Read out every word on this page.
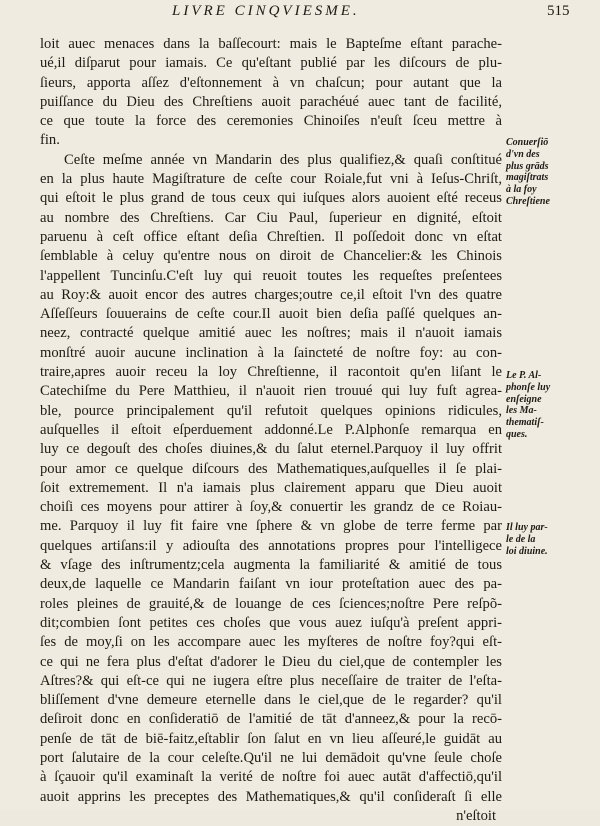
LIVRE CINQVIESME.	515
loit auec menaces dans la baſſecourt: mais le Bapteſme eſtant parache-
ué,il diſparut pour iamais. Ce qu'eſtant publié par les diſcours de plu-
ſieurs, apporta aſſez d'eſtonnement à vn chaſcun; pour autant que la
puiſſance du Dieu des Chreſtiens auoit parachéué auec tant de facilité,
ce que toute la force des ceremonies Chinoiſes n'euſt ſceu mettre à
fin.
Ceſte meſme année vn Mandarin des plus qualifiez,& quaſi conſtitué
en la plus haute Magiſtrature de ceſte cour Roiale,fut vni à Ieſus-Chriſt,
qui eſtoit le plus grand de tous ceux qui iuſques alors auoient eſté receus
au nombre des Chreſtiens. Car Ciu Paul, ſuperieur en dignité, eſtoit
paruenu à ceſt office eſtant deſia Chreſtien. Il poſſedoit donc vn eſtat
ſemblable à celuy qu'entre nous on diroit de Chancelier:& les Chinois
l'appellent Tuncinſu.C'eſt luy qui reuoit toutes les requeſtes preſentees
au Roy:& auoit encor des autres charges;outre ce,il eſtoit l'vn des quatre
Aſſeſſeurs ſouuerains de ceſte cour.Il auoit bien deſia paſſé quelques an-
neez, contracté quelque amitié auec les noſtres; mais il n'auoit iamais
monſtré auoir aucune inclination à la ſaincteté de noſtre foy: au con-
traire,apres auoir receu la loy Chreſtienne, il racontoit qu'en liſant le
Catechiſme du Pere Matthieu, il n'auoit rien trouué qui luy fuſt agrea-
ble, pource principalement qu'il refutoit quelques opinions ridicules,
auſquelles il eſtoit eſperduement addonné.Le P.Alphonſe remarqua en
luy ce degouſt des choſes diuines,& du ſalut eternel.Parquoy il luy offrit
pour amor ce quelque diſcours des Mathematiques,auſquelles il ſe plai-
ſoit extremement. Il n'a iamais plus clairement apparu que Dieu auoit
choiſi ces moyens pour attirer à ſoy,& conuertir les grandz de ce Roiau-
me. Parquoy il luy fit faire vne ſphere & vn globe de terre ferme par
quelques artiſans:il y adiouſta des annotations propres pour l'intelligece
& vſage des inſtrumentz;cela augmenta la familiarité & amitié de tous
deux,de laquelle ce Mandarin faiſant vn iour proteſtation auec des pa-
roles pleines de grauité,& de louange de ces ſciences;noſtre Pere reſpõ-
dit;combien ſont petites ces choſes que vous auez iuſqu'à preſent appri-
ſes de moy,ſi on les accompare auec les myſteres de noſtre foy?qui eſt-
ce qui ne fera plus d'eſtat d'adorer le Dieu du ciel,que de contempler les
Aſtres?& qui eſt-ce qui ne iugera eſtre plus neceſſaire de traiter de l'eſta-
bliſſement d'vne demeure eternelle dans le ciel,que de le regarder? qu'il
deſiroit donc en conſideratiō de l'amitié de tāt d'anneez,& pour la recō-
penſe de tāt de biē-faitz,eſtablir ſon ſalut en vn lieu aſſeuré,le guidāt au
port ſalutaire de la cour celeſte.Qu'il ne lui demādoit qu'vne ſeule choſe
à ſçauoir qu'il examinaſt la verité de noſtre foi auec autāt d'affectiō,qu'il
auoit apprins les preceptes des Mathematiques,& qu'il conſideraſt ſi elle
n'eſtoit
Conuerſiō
d'vn des
plus grāds
magiſtrats
à la foy
Chreſtiene
Le P. Al-
phonſe luy
enſeigne
les Ma-
thematiſ-
ques.
Il luy par-
le de la
loi diuine.
